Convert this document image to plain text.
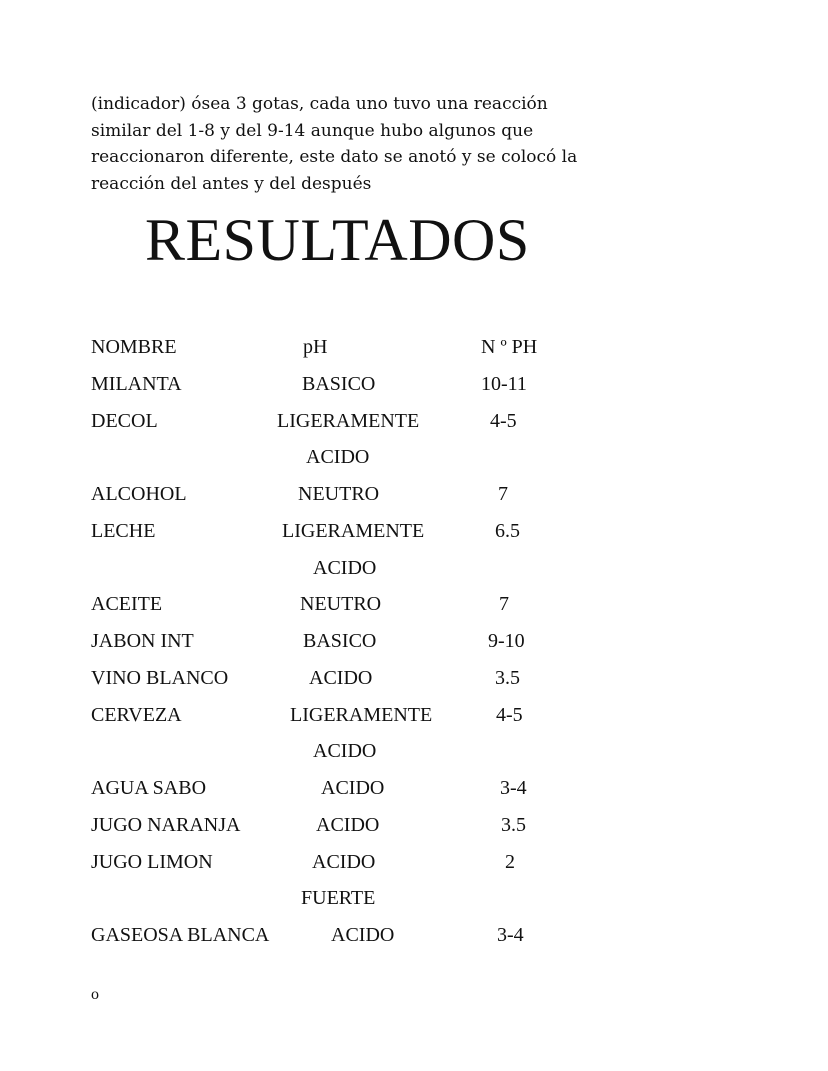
(indicador) ósea 3 gotas, cada uno tuvo una reacción
similar del 1-8 y del 9-14 aunque hubo algunos que
reaccionaron diferente, este dato se anotó y se colocó la
reacción del antes y del después
RESULTADOS
NOMBRE	pH	N º PH
MILANTA	BASICO	10-11
DECOL	LIGERAMENTE	4-5
ACIDO
ALCOHOL	NEUTRO	7
LECHE	LIGERAMENTE	6.5
ACIDO
ACEITE	NEUTRO	7
JABON INT	BASICO	9-10
VINO BLANCO	ACIDO	3.5
CERVEZA	LIGERAMENTE	4-5
ACIDO
AGUA SABO	ACIDO	3-4
JUGO NARANJA	ACIDO	3.5
JUGO LIMON	ACIDO	2
FUERTE
GASEOSA BLANCA	ACIDO	3-4
o
